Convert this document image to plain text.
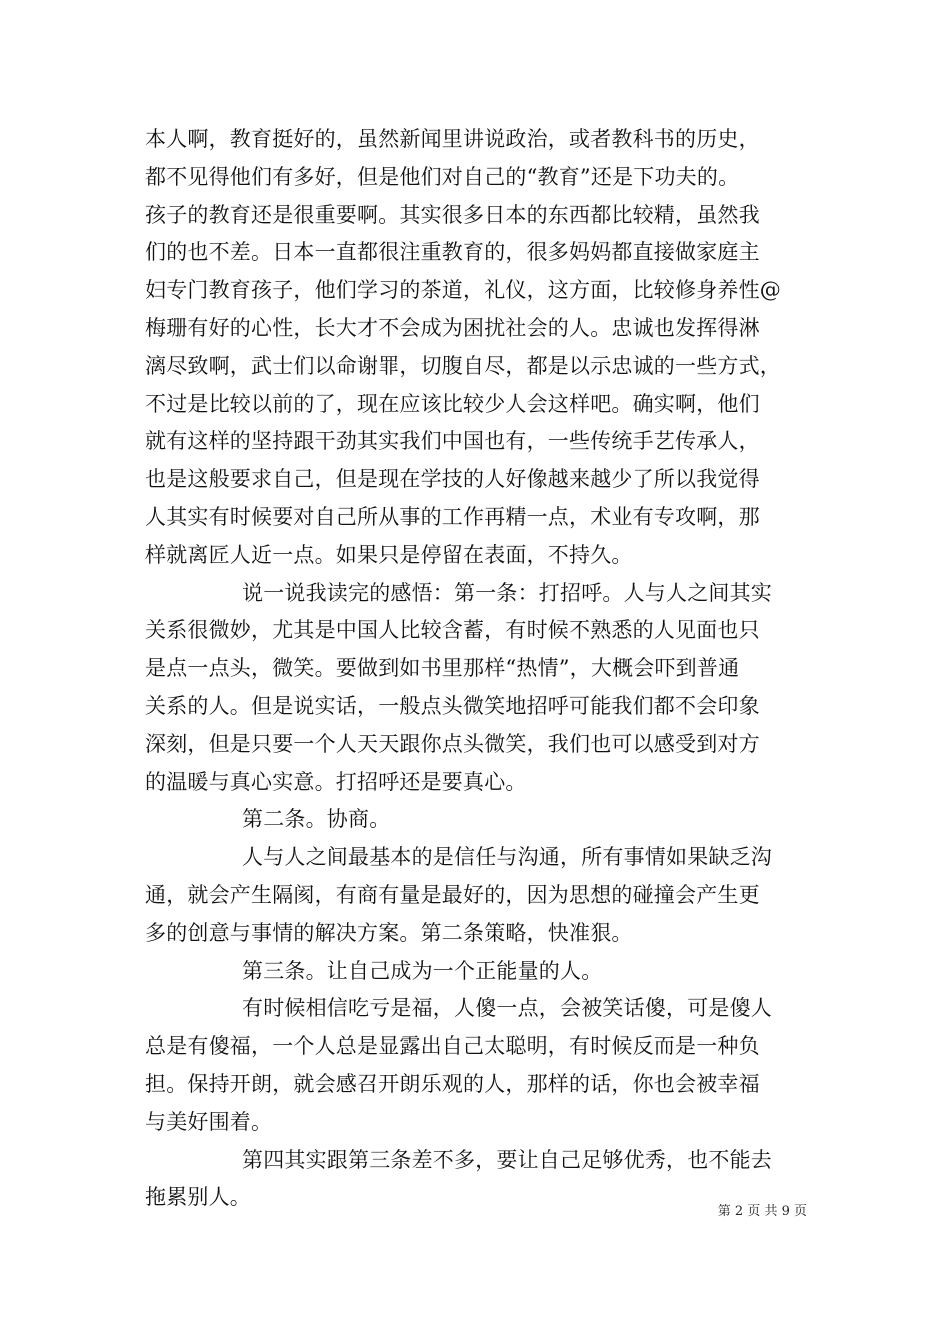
本人啊，教育挺好的，虽然新闻里讲说政治，或者教科书的历史，
都不见得他们有多好，但是他们对自己的“教育”还是下功夫的。
孩子的教育还是很重要啊。其实很多日本的东西都比较精，虽然我
们的也不差。日本一直都很注重教育的，很多妈妈都直接做家庭主
妇专门教育孩子，他们学习的茶道，礼仪，这方面，比较修身养性@
梅珊有好的心性，长大才不会成为困扰社会的人。忠诚也发挥得淋
漓尽致啊，武士们以命谢罪，切腹自尽，都是以示忠诚的一些方式，
不过是比较以前的了，现在应该比较少人会这样吧。确实啊，他们
就有这样的坚持跟干劲其实我们中国也有，一些传统手艺传承人，
也是这般要求自己，但是现在学技的人好像越来越少了所以我觉得
人其实有时候要对自己所从事的工作再精一点，术业有专攻啊，那
样就离匠人近一点。如果只是停留在表面，不持久。
说一说我读完的感悟：第一条：打招呼。人与人之间其实
关系很微妙，尤其是中国人比较含蓄，有时候不熟悉的人见面也只
是点一点头，微笑。要做到如书里那样“热情”，大概会吓到普通
关系的人。但是说实话，一般点头微笑地招呼可能我们都不会印象
深刻，但是只要一个人天天跟你点头微笑，我们也可以感受到对方
的温暖与真心实意。打招呼还是要真心。
第二条。协商。
人与人之间最基本的是信任与沟通，所有事情如果缺乏沟
通，就会产生隔阂，有商有量是最好的，因为思想的碰撞会产生更
多的创意与事情的解决方案。第二条策略，快准狠。
第三条。让自己成为一个正能量的人。
有时候相信吃亏是福，人傻一点，会被笑话傻，可是傻人
总是有傻福，一个人总是显露出自己太聪明，有时候反而是一种负
担。保持开朗，就会感召开朗乐观的人，那样的话，你也会被幸福
与美好围着。
第四其实跟第三条差不多，要让自己足够优秀，也不能去
拖累别人。
第 2 页 共 9 页
